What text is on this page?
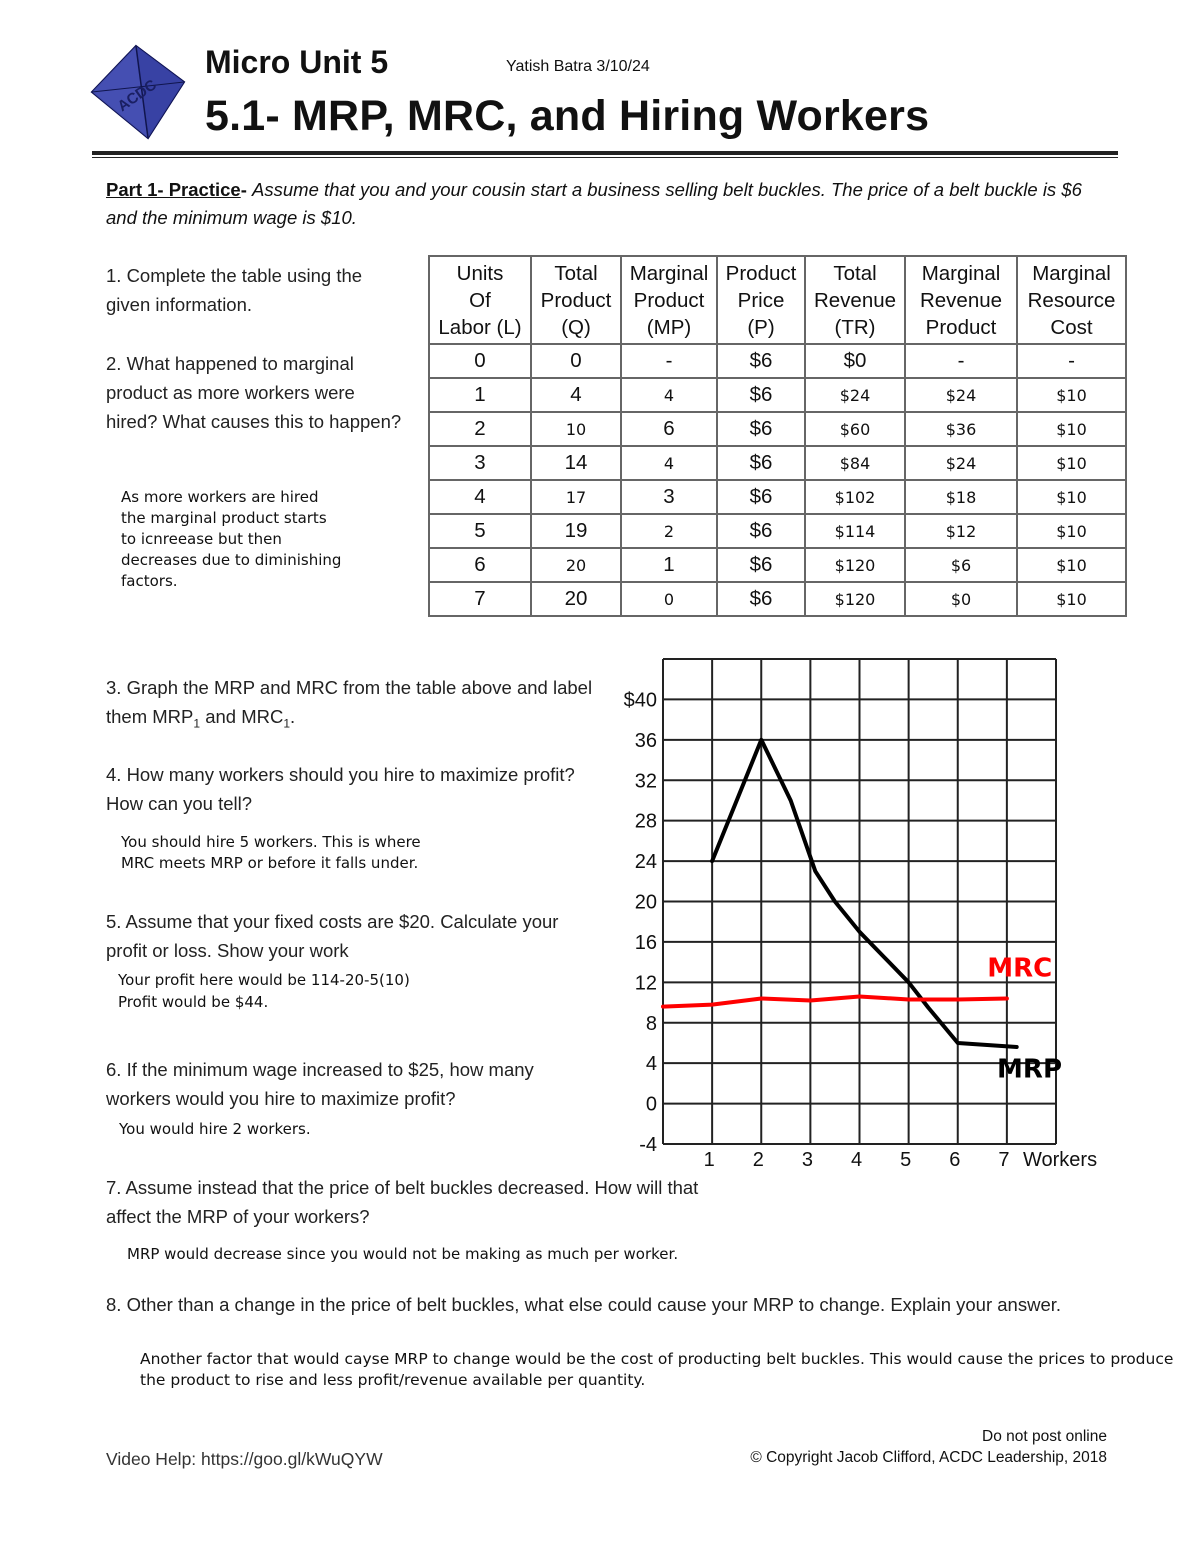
ACDC
Micro Unit 5	Yatish Batra 3/10/24
5.1- MRP, MRC, and Hiring Workers
Part 1- Practice- Assume that you and your cousin start a business selling belt buckles. The price of a belt buckle is $6 and the minimum wage is $10.
1. Complete the table using the given information.
2. What happened to marginal product as more workers were hired? What causes this to happen?
As more workers are hired the marginal product starts to icnreease but then decreases due to diminishing factors.
Units
Of
Labor (L)	Total
Product
(Q)	Marginal
Product
(MP)	Product
Price
(P)	Total
Revenue
(TR)	Marginal
Revenue
Product	Marginal
Resource
Cost
0	0	-	$6	$0	-	-
1	4	4	$6	$24	$24	$10
2	10	6	$6	$60	$36	$10
3	14	4	$6	$84	$24	$10
4	17	3	$6	$102	$18	$10
5	19	2	$6	$114	$12	$10
6	20	1	$6	$120	$6	$10
7	20	0	$6	$120	$0	$10
3. Graph the MRP and MRC from the table above and label them $MRP_1$ and $MRC_1$.
4. How many workers should you hire to maximize profit? How can you tell?
You should hire 5 workers. This is where MRC meets MRP or before it falls under.
5. Assume that your fixed costs are $20. Calculate your profit or loss. Show your work
Your profit here would be 114-20-5(10)
Profit would be $44.
6. If the minimum wage increased to $25, how many workers would you hire to maximize profit?
You would hire 2 workers.
$40
36
32
28
24
20
16
12
8
4
0
-4
1 2 3 4 5 6 7 Workers
MRC
MRP
7. Assume instead that the price of belt buckles decreased. How will that affect the MRP of your workers?
MRP would decrease since you would not be making as much per worker.
8. Other than a change in the price of belt buckles, what else could cause your MRP to change. Explain your answer.
Another factor that would cayse MRP to change would be the cost of producting belt buckles. This would cause the prices to produce the product to rise and less profit/revenue available per quantity.
Video Help: https://goo.gl/kWuQYW
Do not post online
© Copyright Jacob Clifford, ACDC Leadership, 2018
